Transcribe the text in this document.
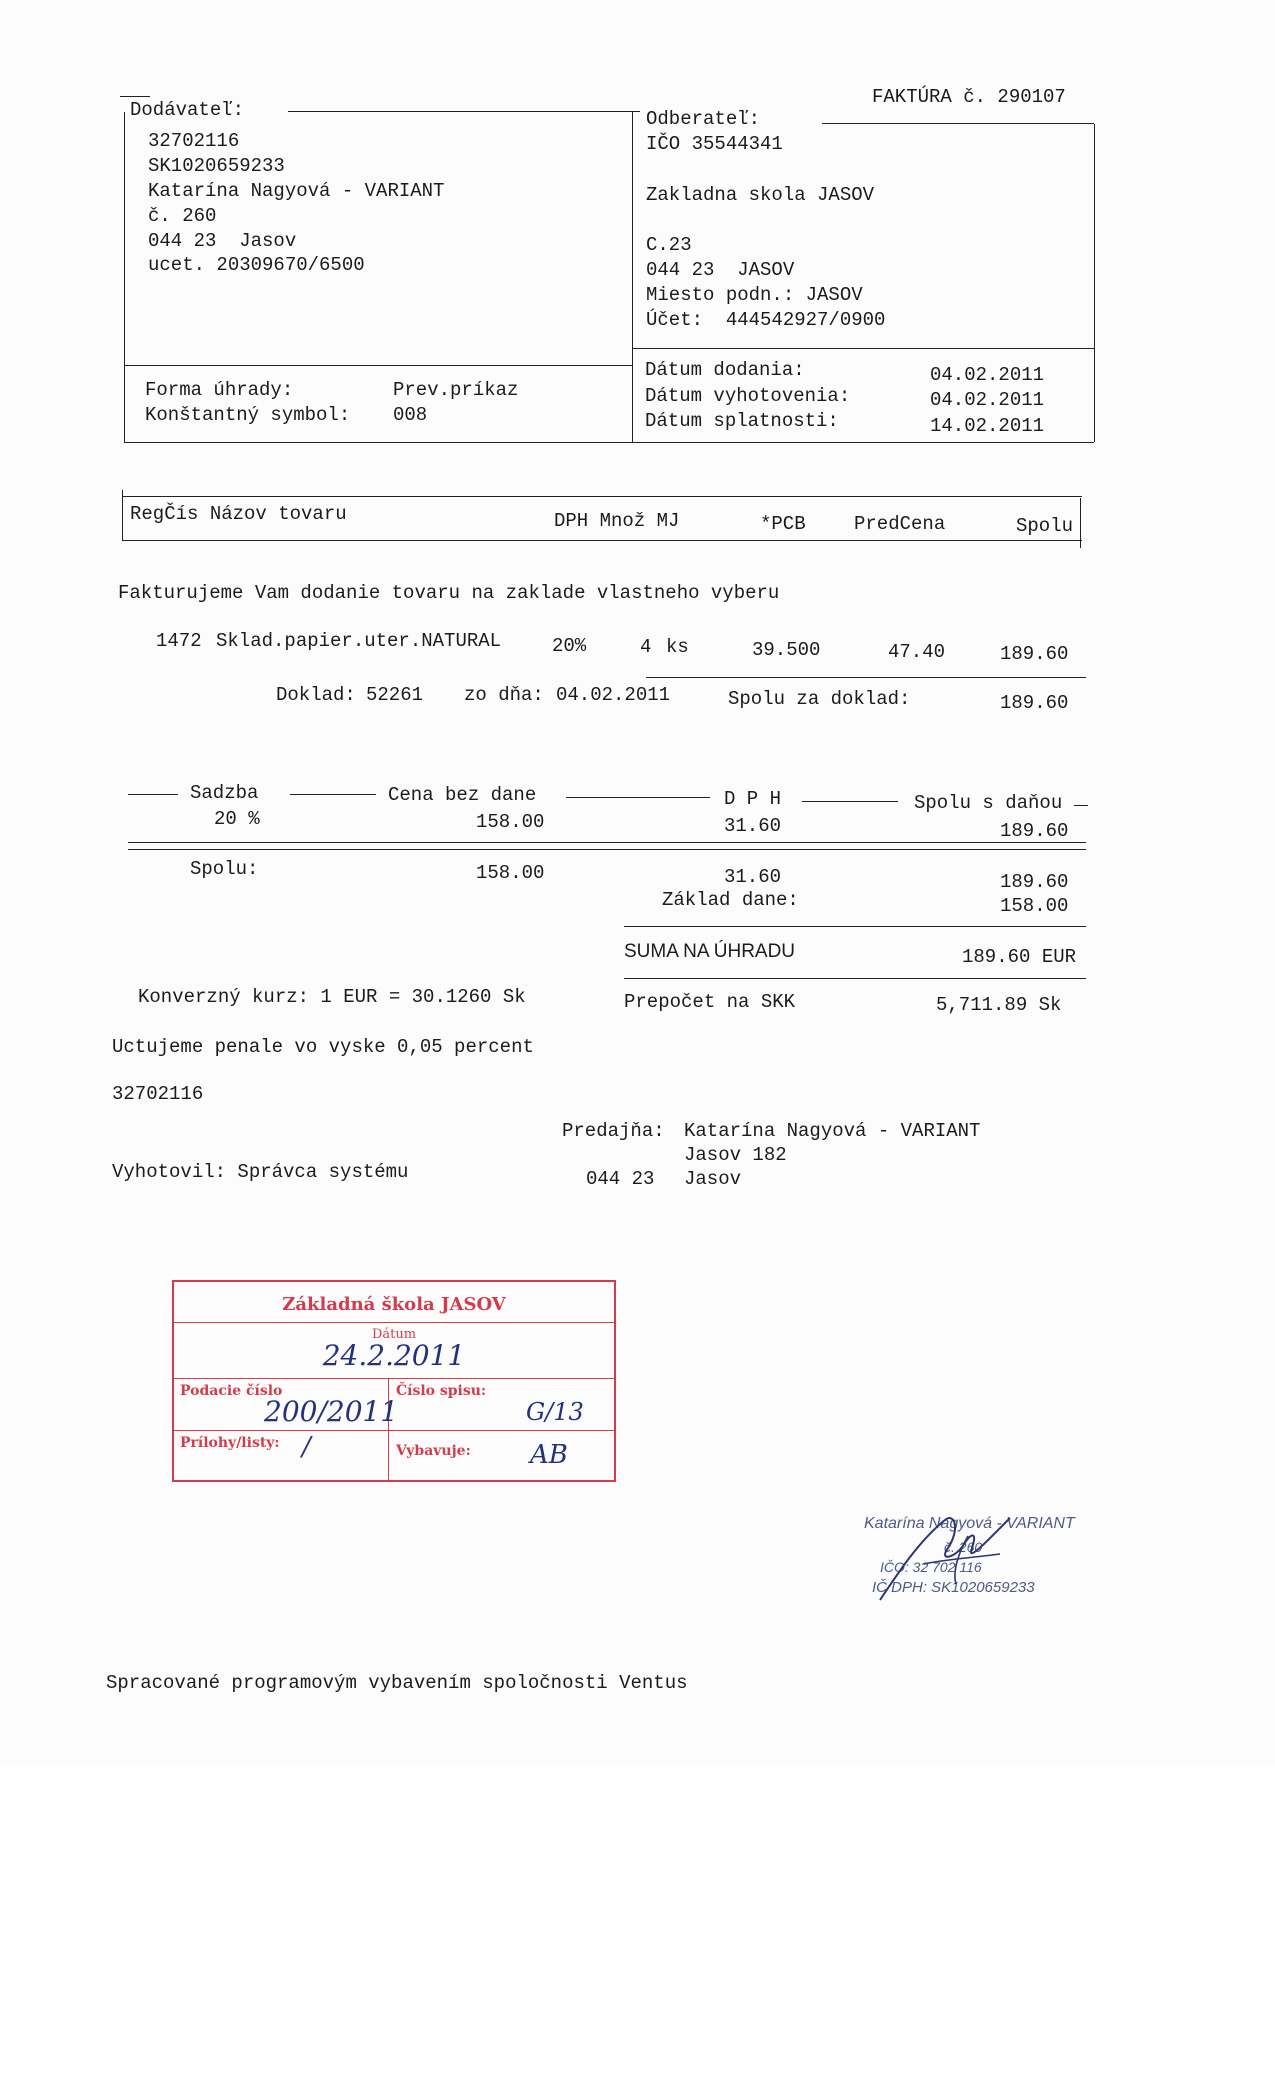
FAKTÚRA č. 290107
Dodávateľ:
32702116
SK1020659233
Katarína Nagyová - VARIANT
č. 260
044 23  Jasov
ucet. 20309670/6500
Odberateľ:
IČO 35544341
Zakladna skola JASOV
C.23
044 23  JASOV
Miesto podn.: JASOV
Účet:  444542927/0900
Forma úhrady:	Prev.príkaz
Konštantný symbol: 008
Dátum dodania:	04.02.2011
Dátum vyhotovenia:	04.02.2011
Dátum splatnosti:	14.02.2011
RegČís Názov tovaru	DPH Množ MJ	*PCB	PredCena	Spolu
Fakturujeme Vam dodanie tovaru na zaklade vlastneho vyberu
1472 Sklad.papier.uter.NATURAL	20%	4 ks	39.500	47.40	189.60
Doklad: 52261 zo dňa: 04.02.2011	Spolu za doklad:	189.60
Sadzba	Cena bez dane	D P H	Spolu s daňou
20 %	158.00	31.60	189.60
Spolu:	158.00	31.60	189.60
Základ dane:	158.00
SUMA NA ÚHRADU	189.60 EUR
Konverzný kurz: 1 EUR = 30.1260 Sk	Prepočet na SKK	5,711.89 Sk
Uctujeme penale vo vyske 0,05 percent
32702116
Predajňa: Katarína Nagyová - VARIANT
Jasov 182
044 23 Jasov
Vyhotovil: Správca systému
Základná škola JASOV
Dátum
24.2.2011
Podacie číslo
200/2011
Číslo spisu:
G/13
Prílohy/listy: /	Vybavuje: AB
Katarína Nagyová - VARIANT
č. 260
IČO: 32 702 116
IČ DPH: SK1020659233
Spracované programovým vybavením spoločnosti Ventus
